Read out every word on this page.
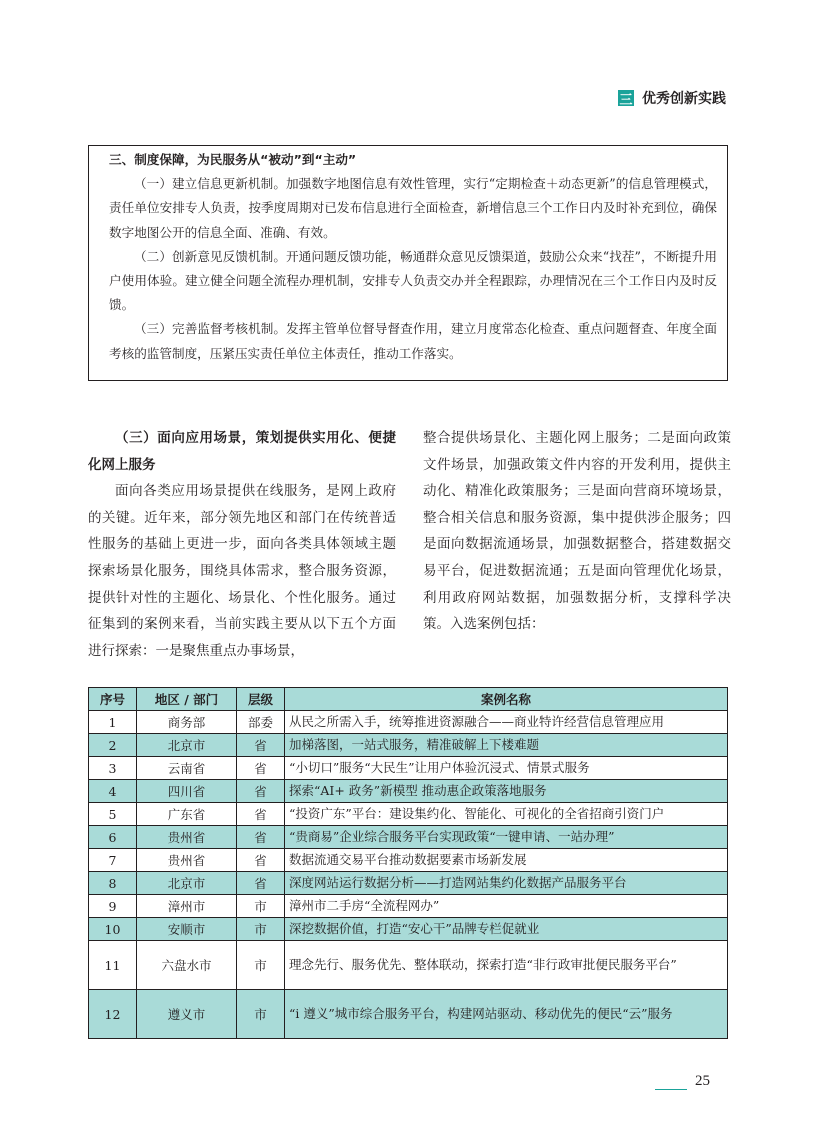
三 优秀创新实践

三、制度保障，为民服务从“被动”到“主动”

（一）建立信息更新机制。加强数字地图信息有效性管理，实行“定期检查＋动态更新”的信息管理模式，责任单位安排专人负责，按季度周期对已发布信息进行全面检查，新增信息三个工作日内及时补充到位，确保数字地图公开的信息全面、准确、有效。

（二）创新意见反馈机制。开通问题反馈功能，畅通群众意见反馈渠道，鼓励公众来“找茬”，不断提升用户使用体验。建立健全问题全流程办理机制，安排专人负责交办并全程跟踪，办理情况在三个工作日内及时反馈。

（三）完善监督考核机制。发挥主管单位督导督查作用，建立月度常态化检查、重点问题督查、年度全面考核的监管制度，压紧压实责任单位主体责任，推动工作落实。

（三）面向应用场景，策划提供实用化、便捷化网上服务

面向各类应用场景提供在线服务，是网上政府的关键。近年来，部分领先地区和部门在传统普适性服务的基础上更进一步，面向各类具体领域主题探索场景化服务，围绕具体需求，整合服务资源，提供针对性的主题化、场景化、个性化服务。通过征集到的案例来看，当前实践主要从以下五个方面进行探索：一是聚焦重点办事场景，

整合提供场景化、主题化网上服务；二是面向政策文件场景，加强政策文件内容的开发利用，提供主动化、精准化政策服务；三是面向营商环境场景，整合相关信息和服务资源，集中提供涉企服务；四是面向数据流通场景，加强数据整合，搭建数据交易平台，促进数据流通；五是面向管理优化场景，利用政府网站数据，加强数据分析，支撑科学决策。入选案例包括：

序号	地区 / 部门	层级	案例名称
1	商务部	部委	从民之所需入手，统筹推进资源融合——商业特许经营信息管理应用
2	北京市	省	加梯落图，一站式服务，精准破解上下楼难题
3	云南省	省	“小切口”服务“大民生”让用户体验沉浸式、情景式服务
4	四川省	省	探索“AI+ 政务”新模型 推动惠企政策落地服务
5	广东省	省	“投资广东”平台：建设集约化、智能化、可视化的全省招商引资门户
6	贵州省	省	“贵商易”企业综合服务平台实现政策“一键申请、一站办理”
7	贵州省	省	数据流通交易平台推动数据要素市场新发展
8	北京市	省	深度网站运行数据分析——打造网站集约化数据产品服务平台
9	漳州市	市	漳州市二手房“全流程网办”
10	安顺市	市	深挖数据价值，打造“安心干”品牌专栏促就业
11	六盘水市	市	理念先行、服务优先、整体联动，探索打造“非行政审批便民服务平台”
12	遵义市	市	“i 遵义”城市综合服务平台，构建网站驱动、移动优先的便民“云”服务
25
